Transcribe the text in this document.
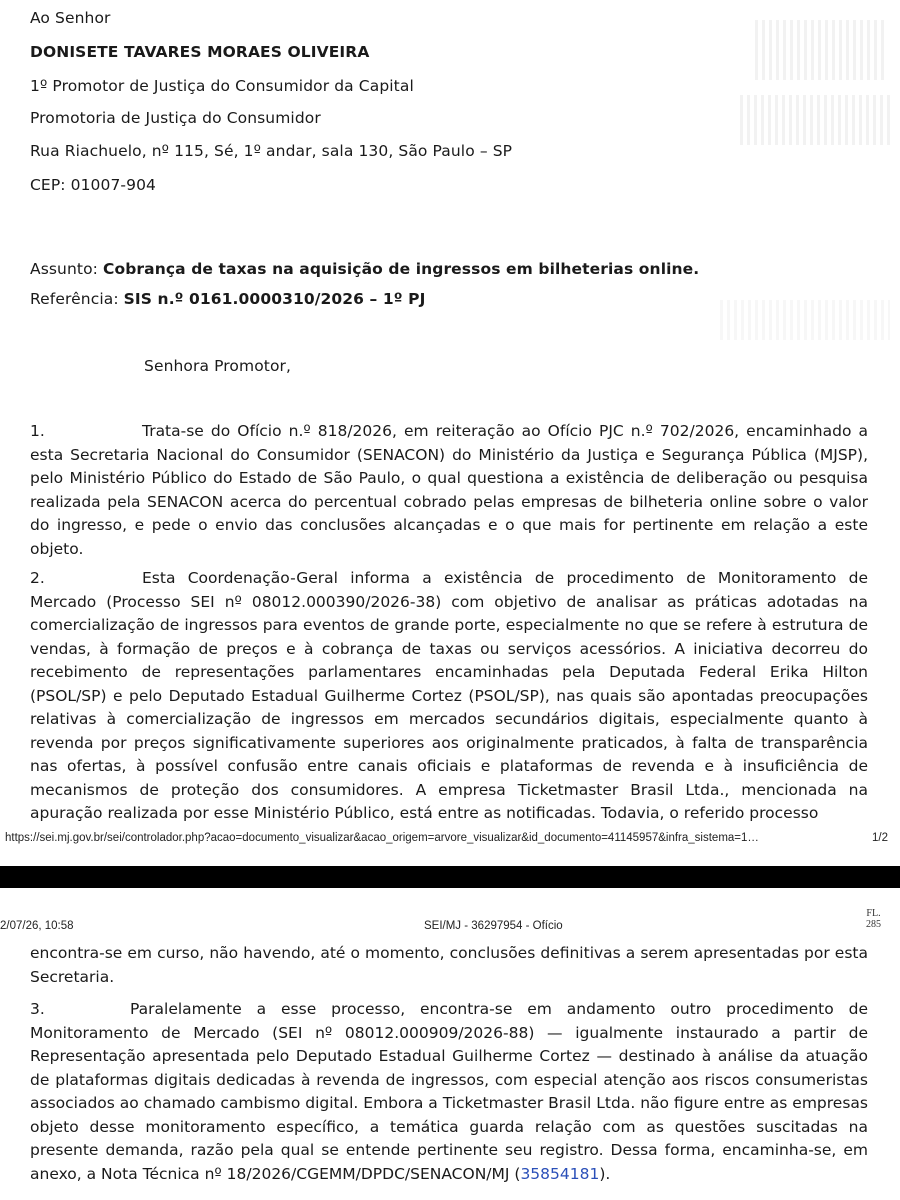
Ao Senhor
DONISETE TAVARES MORAES OLIVEIRA
1º Promotor de Justiça do Consumidor da Capital
Promotoria de Justiça do Consumidor
Rua Riachuelo, nº 115, Sé, 1º andar, sala 130, São Paulo – SP
CEP: 01007-904
Assunto: Cobrança de taxas na aquisição de ingressos em bilheterias online.
Referência: SIS n.º 0161.0000310/2026 – 1º PJ
Senhora Promotor,
1.	Trata-se do Ofício n.º 818/2026, em reiteração ao Ofício PJC n.º 702/2026, encaminhado a esta Secretaria Nacional do Consumidor (SENACON) do Ministério da Justiça e Segurança Pública (MJSP), pelo Ministério Público do Estado de São Paulo, o qual questiona a existência de deliberação ou pesquisa realizada pela SENACON acerca do percentual cobrado pelas empresas de bilheteria online sobre o valor do ingresso, e pede o envio das conclusões alcançadas e o que mais for pertinente em relação a este objeto.
2.	Esta Coordenação-Geral informa a existência de procedimento de Monitoramento de Mercado (Processo SEI nº 08012.000390/2026-38) com objetivo de analisar as práticas adotadas na comercialização de ingressos para eventos de grande porte, especialmente no que se refere à estrutura de vendas, à formação de preços e à cobrança de taxas ou serviços acessórios. A iniciativa decorreu do recebimento de representações parlamentares encaminhadas pela Deputada Federal Erika Hilton (PSOL/SP) e pelo Deputado Estadual Guilherme Cortez (PSOL/SP), nas quais são apontadas preocupações relativas à comercialização de ingressos em mercados secundários digitais, especialmente quanto à revenda por preços significativamente superiores aos originalmente praticados, à falta de transparência nas ofertas, à possível confusão entre canais oficiais e plataformas de revenda e à insuficiência de mecanismos de proteção dos consumidores. A empresa Ticketmaster Brasil Ltda., mencionada na apuração realizada por esse Ministério Público, está entre as notificadas. Todavia, o referido processo
https://sei.mj.gov.br/sei/controlador.php?acao=documento_visualizar&acao_origem=arvore_visualizar&id_documento=41145957&infra_sistema=1…	1/2
2/07/26, 10:58	SEI/MJ - 36297954 - Ofício
FL.
285
encontra-se em curso, não havendo, até o momento, conclusões definitivas a serem apresentadas por esta Secretaria.
3.	Paralelamente a esse processo, encontra-se em andamento outro procedimento de Monitoramento de Mercado (SEI nº 08012.000909/2026-88) — igualmente instaurado a partir de Representação apresentada pelo Deputado Estadual Guilherme Cortez — destinado à análise da atuação de plataformas digitais dedicadas à revenda de ingressos, com especial atenção aos riscos consumeristas associados ao chamado cambismo digital. Embora a Ticketmaster Brasil Ltda. não figure entre as empresas objeto desse monitoramento específico, a temática guarda relação com as questões suscitadas na presente demanda, razão pela qual se entende pertinente seu registro. Dessa forma, encaminha-se, em anexo, a Nota Técnica nº 18/2026/CGEMM/DPDC/SENACON/MJ (35854181).
